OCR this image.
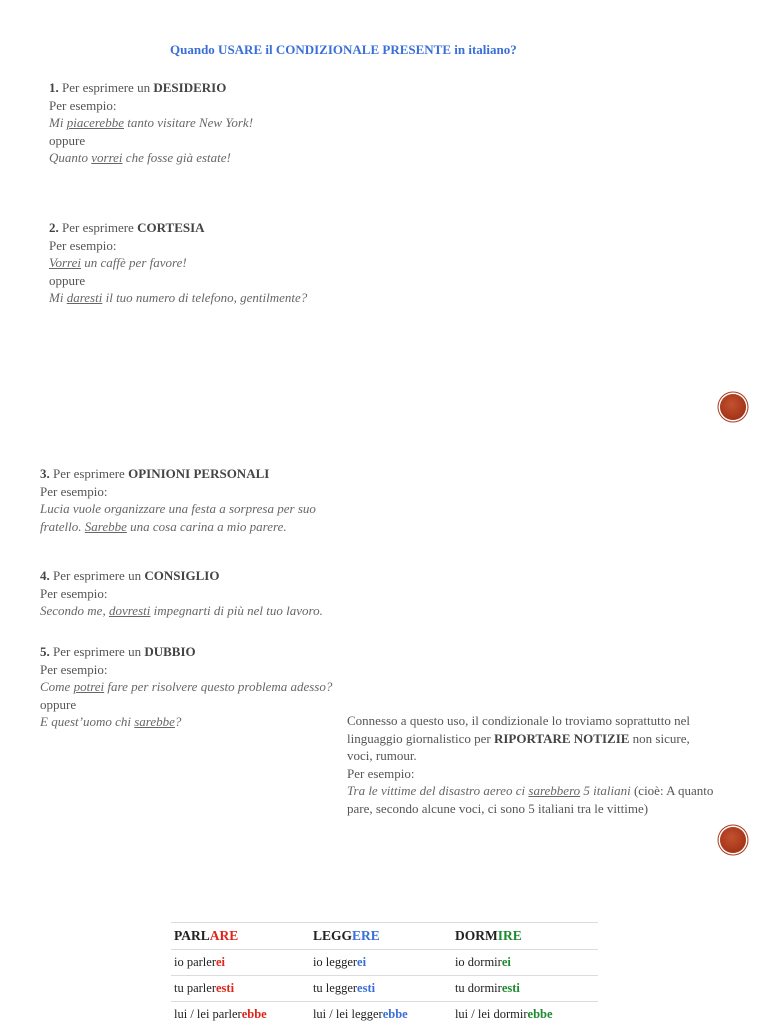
Quando USARE il CONDIZIONALE PRESENTE in italiano?
1. Per esprimere un DESIDERIO
Per esempio:
Mi piacerebbe tanto visitare New York!
oppure
Quanto vorrei che fosse già estate!
2. Per esprimere CORTESIA
Per esempio:
Vorrei un caffè per favore!
oppure
Mi daresti il tuo numero di telefono, gentilmente?
3. Per esprimere OPINIONI PERSONALI
Per esempio:
Lucia vuole organizzare una festa a sorpresa per suo
fratello. Sarebbe una cosa carina a mio parere.
4. Per esprimere un CONSIGLIO
Per esempio:
Secondo me, dovresti impegnarti di più nel tuo lavoro.
5. Per esprimere un DUBBIO
Per esempio:
Come potrei fare per risolvere questo problema adesso?
oppure
E quest’uomo chi sarebbe?	Connesso a questo uso, il condizionale lo troviamo soprattutto nel linguaggio giornalistico per RIPORTARE NOTIZIE non sicure, voci, rumour.
Per esempio:
Tra le vittime del disastro aereo ci sarebbero 5 italiani (cioè: A quanto pare, secondo alcune voci, ci sono 5 italiani tra le vittime)
PARLARE	LEGGERE	DORMIRE
io parlerei	io leggerei	io dormirei
tu parleresti	tu leggeresti	tu dormiresti
lui / lei parlerebbe	lui / lei leggerebbe	lui / lei dormirebbe
